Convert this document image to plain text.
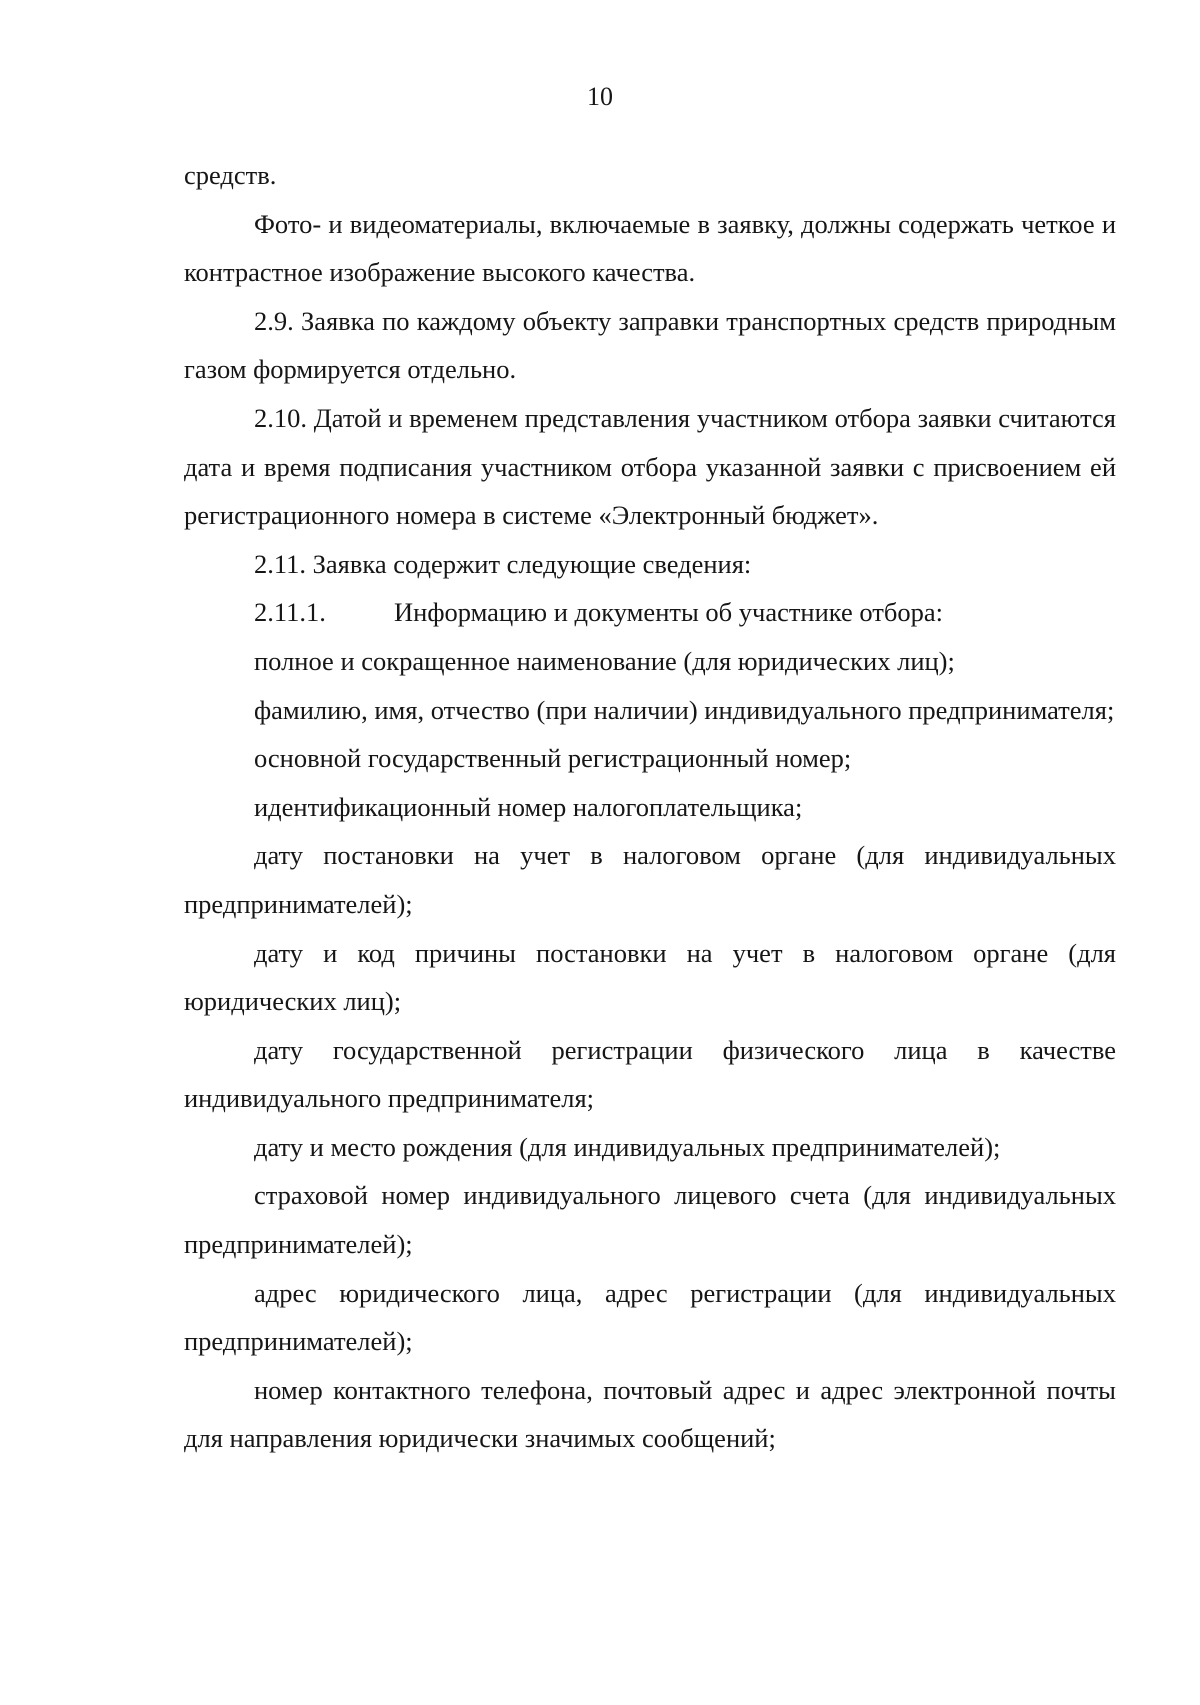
10

средств.

Фото- и видеоматериалы, включаемые в заявку, должны содержать четкое и контрастное изображение высокого качества.

2.9. Заявка по каждому объекту заправки транспортных средств природным газом формируется отдельно.

2.10. Датой и временем представления участником отбора заявки считаются дата и время подписания участником отбора указанной заявки с присвоением ей регистрационного номера в системе «Электронный бюджет».

2.11. Заявка содержит следующие сведения:

2.11.1.	Информацию и документы об участнике отбора:

полное и сокращенное наименование (для юридических лиц);

фамилию, имя, отчество (при наличии) индивидуального предпринимателя;

основной государственный регистрационный номер;

идентификационный номер налогоплательщика;

дату постановки на учет в налоговом органе (для индивидуальных предпринимателей);

дату и код причины постановки на учет в налоговом органе (для юридических лиц);

дату государственной регистрации физического лица в качестве индивидуального предпринимателя;

дату и место рождения (для индивидуальных предпринимателей);

страховой номер индивидуального лицевого счета (для индивидуальных предпринимателей);

адрес юридического лица, адрес регистрации (для индивидуальных предпринимателей);

номер контактного телефона, почтовый адрес и адрес электронной почты для направления юридически значимых сообщений;
